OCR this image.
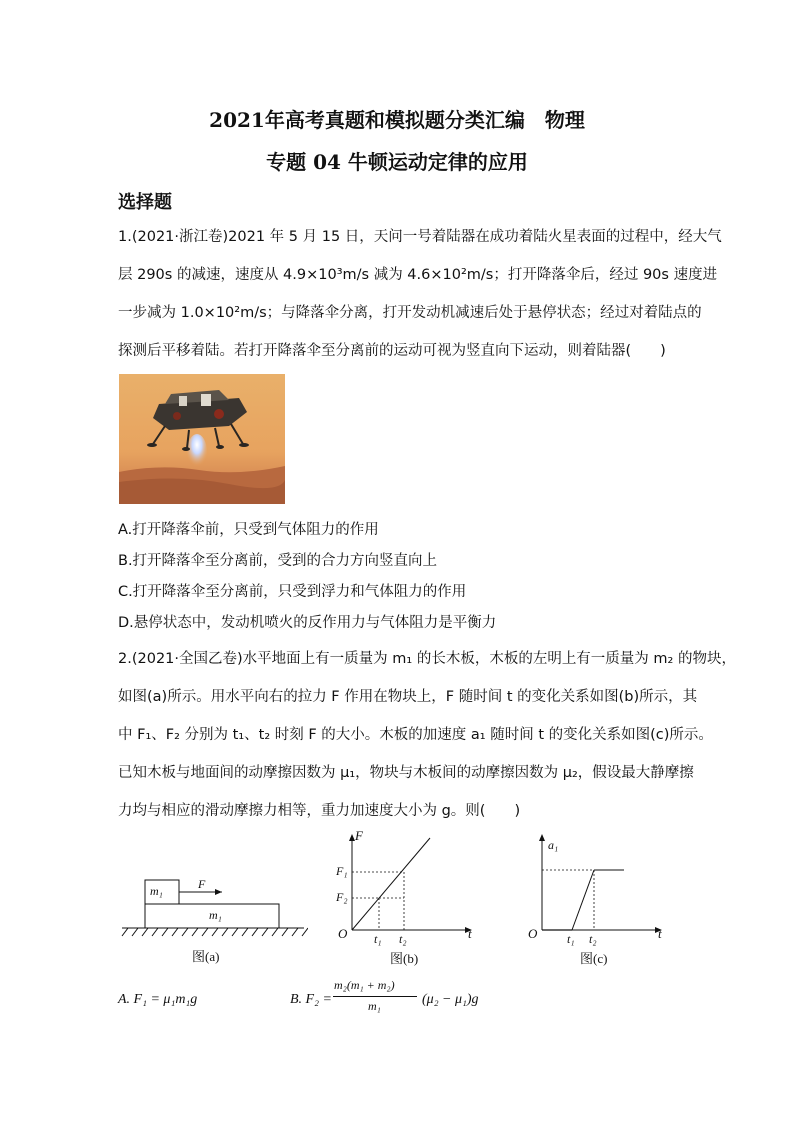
2021年高考真题和模拟题分类汇编　物理
专题 04 牛顿运动定律的应用
选择题
1.(2021·浙江卷)2021 年 5 月 15 日，天问一号着陆器在成功着陆火星表面的过程中，经大气
层 290s 的减速，速度从 4.9×10³m/s 减为 4.6×10²m/s；打开降落伞后，经过 90s 速度进
一步减为 1.0×10²m/s；与降落伞分离，打开发动机减速后处于悬停状态；经过对着陆点的
探测后平移着陆。若打开降落伞至分离前的运动可视为竖直向下运动，则着陆器(　　)
A.打开降落伞前，只受到气体阻力的作用
B.打开降落伞至分离前，受到的合力方向竖直向上
C.打开降落伞至分离前，只受到浮力和气体阻力的作用
D.悬停状态中，发动机喷火的反作用力与气体阻力是平衡力
2.(2021·全国乙卷)水平地面上有一质量为 m₁ 的长木板，木板的左明上有一质量为 m₂ 的物块，
如图(a)所示。用水平向右的拉力 F 作用在物块上，F 随时间 t 的变化关系如图(b)所示，其
中 F₁、F₂ 分别为 t₁、t₂ 时刻 F 的大小。木板的加速度 a₁ 随时间 t 的变化关系如图(c)所示。
已知木板与地面间的动摩擦因数为 μ₁，物块与木板间的动摩擦因数为 μ₂，假设最大静摩擦
力均与相应的滑动摩擦力相等，重力加速度大小为 g。则(　　)
m₁
m₁
F
图(a)
F
t
O
F₁
F₂
t₁ t₂
图(b)
a₁
t
O t₁ t₂
图(c)
A. F₁ = μ₁m₁g	B. F₂ =
m₂(m₁ + m₂)
m₁	(μ₂ − μ₁)g
